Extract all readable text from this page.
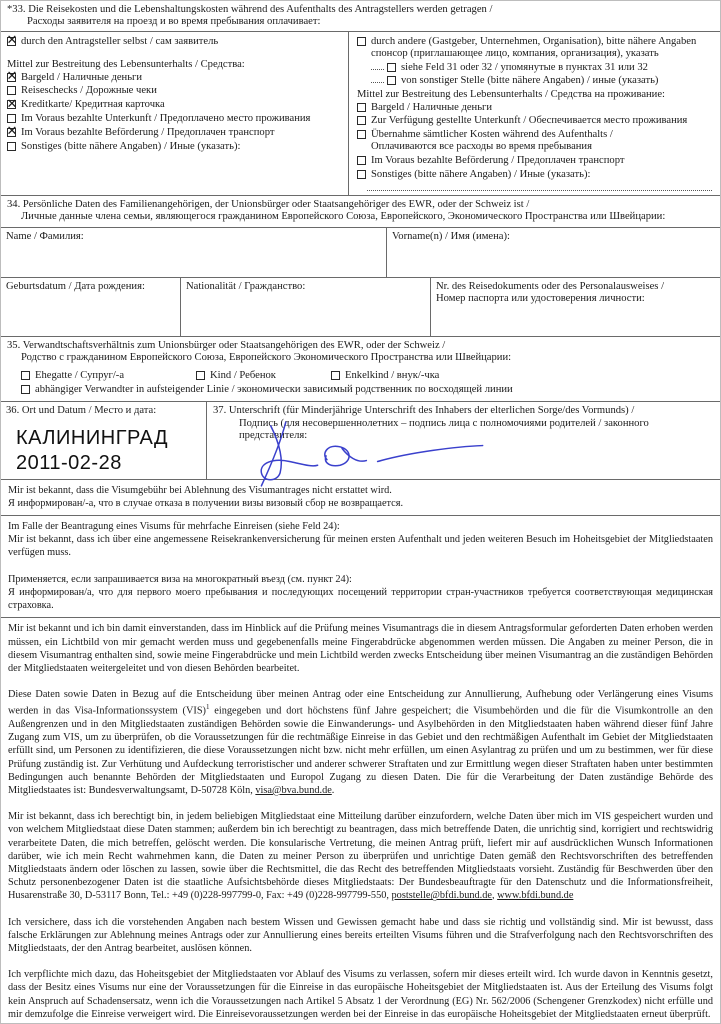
*33. Die Reisekosten und die Lebenshaltungskosten während des Aufenthalts des Antragstellers werden getragen /
Расходы заявителя на проезд и во время пребывания оплачивает:
✕ durch den Antragsteller selbst / сам заявитель
Mittel zur Bestreitung des Lebensunterhalts / Средства:
✕ Bargeld / Наличные деньги
Reiseschecks / Дорожные чеки
✕ Kreditkarte/ Кредитная карточка
Im Voraus bezahlte Unterkunft / Предоплачено место проживания
✕ Im Voraus bezahlte Beförderung / Предоплачен транспорт
Sonstiges (bitte nähere Angaben) / Иные (указать):
durch andere (Gastgeber, Unternehmen, Organisation), bitte nähere Angaben
спонсор (приглашающее лицо, компания, организация), указать
siehe Feld 31 oder 32 / упомянутые в пунктах 31 или 32
von sonstiger Stelle (bitte nähere Angaben) / иные (указать)
Mittel zur Bestreitung des Lebensunterhalts / Средства на проживание:
Bargeld / Наличные деньги
Zur Verfügung gestellte Unterkunft / Обеспечивается место проживания
Übernahme sämtlicher Kosten während des Aufenthalts /
Оплачиваются все расходы во время пребывания
Im Voraus bezahlte Beförderung / Предоплачен транспорт
Sonstiges (bitte nähere Angaben) / Иные (указать):
34. Persönliche Daten des Familienangehörigen, der Unionsbürger oder Staatsangehöriger des EWR, oder der Schweiz ist /
Личные данные члена семьи, являющегося гражданином Европейского Союза, Европейского, Экономического Пространства или Швейцарии:
Name / Фамилия:	Vorname(n) / Имя (имена):
Geburtsdatum / Дата рождения:	Nationalität / Гражданство:	Nr. des Reisedokuments oder des Personalausweises /
Номер паспорта или удостоверения личности:
35. Verwandtschaftsverhältnis zum Unionsbürger oder Staatsangehörigen des EWR, oder der Schweiz /
Родство с гражданином Европейского Союза, Европейского Экономического Пространства или Швейцарии:
Ehegatte / Супруг/-а	Kind / Ребенок	Enkelkind / внук/-чка
abhängiger Verwandter in aufsteigender Linie / экономически зависимый родственник по восходящей линии
36. Ort und Datum / Место и дата:
КАЛИНИНГРАД
2011-02-28
37. Unterschrift (für Minderjährige Unterschrift des Inhabers der elterlichen Sorge/des Vormunds) /
Подпись (для несовершеннолетних – подпись лица с полномочиями родителей / законного представителя:

Mir ist bekannt, dass die Visumgebühr bei Ablehnung des Visumantrages nicht erstattet wird.

Я информирован/-а, что в случае отказа в получении визы визовый сбор не возвращается.

Im Falle der Beantragung eines Visums für mehrfache Einreisen (siehe Feld 24):
Mir ist bekannt, dass ich über eine angemessene Reisekrankenversicherung für meinen ersten Aufenthalt und jeden weiteren Besuch im Hoheitsgebiet der Mitgliedstaaten verfügen muss.

Применяется, если запрашивается виза на многократный въезд (см. пункт 24):
Я информирован/а, что для первого моего пребывания и последующих посещений территории стран-участников требуется соответствующая медицинская страховка.

Mir ist bekannt und ich bin damit einverstanden, dass im Hinblick auf die Prüfung meines Visumantrags die in diesem Antragsformular geforderten Daten erhoben werden müssen, ein Lichtbild von mir gemacht werden muss und gegebenenfalls meine Fingerabdrücke abgenommen werden müssen. Die Angaben zu meiner Person, die in diesem Visumantrag enthalten sind, sowie meine Fingerabdrücke und mein Lichtbild werden zwecks Entscheidung über meinen Visumantrag an die zuständigen Behörden der Mitgliedstaaten weitergeleitet und von diesen Behörden bearbeitet.

Diese Daten sowie Daten in Bezug auf die Entscheidung über meinen Antrag oder eine Entscheidung zur Annullierung, Aufhebung oder Verlängerung eines Visums werden in das Visa-Informationssystem (VIS)$^1$ eingegeben und dort höchstens fünf Jahre gespeichert; die Visumbehörden und die für die Visumkontrolle an den Außengrenzen und in den Mitgliedstaaten zuständigen Behörden sowie die Einwanderungs- und Asylbehörden in den Mitgliedstaaten haben während dieser fünf Jahre Zugang zum VIS, um zu überprüfen, ob die Voraussetzungen für die rechtmäßige Einreise in das Gebiet und den rechtmäßigen Aufenthalt im Gebiet der Mitgliedstaaten erfüllt sind, um Personen zu identifizieren, die diese Voraussetzungen nicht bzw. nicht mehr erfüllen, um einen Asylantrag zu prüfen und um zu bestimmen, wer für diese Prüfung zuständig ist. Zur Verhütung und Aufdeckung terroristischer und anderer schwerer Straftaten und zur Ermittlung wegen dieser Straftaten haben unter bestimmten Bedingungen auch benannte Behörden der Mitgliedstaaten und Europol Zugang zu diesen Daten. Die für die Verarbeitung der Daten zuständige Behörde des Mitgliedstaates ist: Bundesverwaltungsamt, D-50728 Köln, visa@bva.bund.de.

Mir ist bekannt, dass ich berechtigt bin, in jedem beliebigen Mitgliedstaat eine Mitteilung darüber einzufordern, welche Daten über mich im VIS gespeichert wurden und von welchem Mitgliedstaat diese Daten stammen; außerdem bin ich berechtigt zu beantragen, dass mich betreffende Daten, die unrichtig sind, korrigiert und rechtswidrig verarbeitete Daten, die mich betreffen, gelöscht werden. Die konsularische Vertretung, die meinen Antrag prüft, liefert mir auf ausdrücklichen Wunsch Informationen darüber, wie ich mein Recht wahrnehmen kann, die Daten zu meiner Person zu überprüfen und unrichtige Daten gemäß den Rechtsvorschriften des betreffenden Mitgliedstaats ändern oder löschen zu lassen, sowie über die Rechtsmittel, die das Recht des betreffenden Mitgliedstaats vorsieht. Zuständig für Beschwerden über den Schutz personenbezogener Daten ist die staatliche Aufsichtsbehörde dieses Mitgliedstaats: Der Bundesbeauftragte für den Datenschutz und die Informationsfreiheit, Husarenstraße 30, D-53117 Bonn, Tel.: +49 (0)228-997799-0, Fax: +49 (0)228-997799-550, poststelle@bfdi.bund.de, www.bfdi.bund.de

Ich versichere, dass ich die vorstehenden Angaben nach bestem Wissen und Gewissen gemacht habe und dass sie richtig und vollständig sind. Mir ist bewusst, dass falsche Erklärungen zur Ablehnung meines Antrags oder zur Annullierung eines bereits erteilten Visums führen und die Strafverfolgung nach den Rechtsvorschriften des Mitgliedstaats, der den Antrag bearbeitet, auslösen können.

Ich verpflichte mich dazu, das Hoheitsgebiet der Mitgliedstaaten vor Ablauf des Visums zu verlassen, sofern mir dieses erteilt wird. Ich wurde davon in Kenntnis gesetzt, dass der Besitz eines Visums nur eine der Voraussetzungen für die Einreise in das europäische Hoheitsgebiet der Mitgliedstaaten ist. Aus der Erteilung des Visums folgt kein Anspruch auf Schadensersatz, wenn ich die Voraussetzungen nach Artikel 5 Absatz 1 der Verordnung (EG) Nr. 562/2006 (Schengener Grenzkodex) nicht erfülle und mir demzufolge die Einreise verweigert wird. Die Einreisevoraussetzungen werden bei der Einreise in das europäische Hoheitsgebiet der Mitgliedstaaten erneut überprüft.
